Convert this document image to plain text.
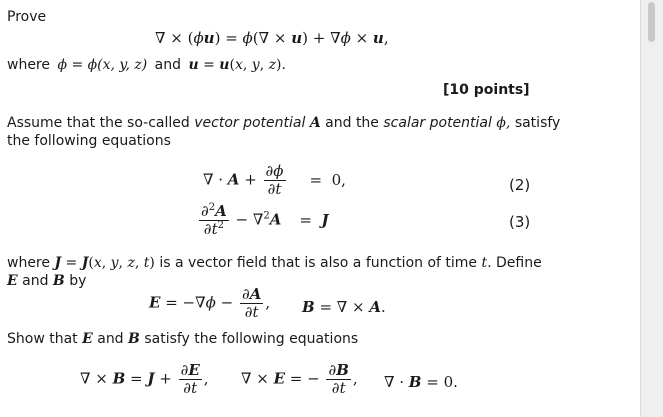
Prove
∇ × (ϕu) = ϕ(∇ × u) + ∇ϕ × u,
where ϕ = ϕ(x, y, z) and u = u(x, y, z).
[10 points]
Assume that the so-called vector potential A and the scalar potential ϕ, satisfy
the following equations
∇ · $A + \frac{\partial\phi}{\partial t} = 0$,	(2)
$\frac{\partial^2A}{\partial t^2} - \nabla^2A = J$	(3)
where J = J(x, y, z, t) is a vector field that is also a function of time t. Define
E and B by
$E = -\nabla\phi - \frac{\partial A}{\partial t}$ , B = ∇ × A.
Show that E and B satisfy the following equations
∇ × $B = J + \frac{\partial E}{\partial t}$ , ∇ × E = − $\frac{\partial B}{\partial t}$ , ∇ · B = 0.
